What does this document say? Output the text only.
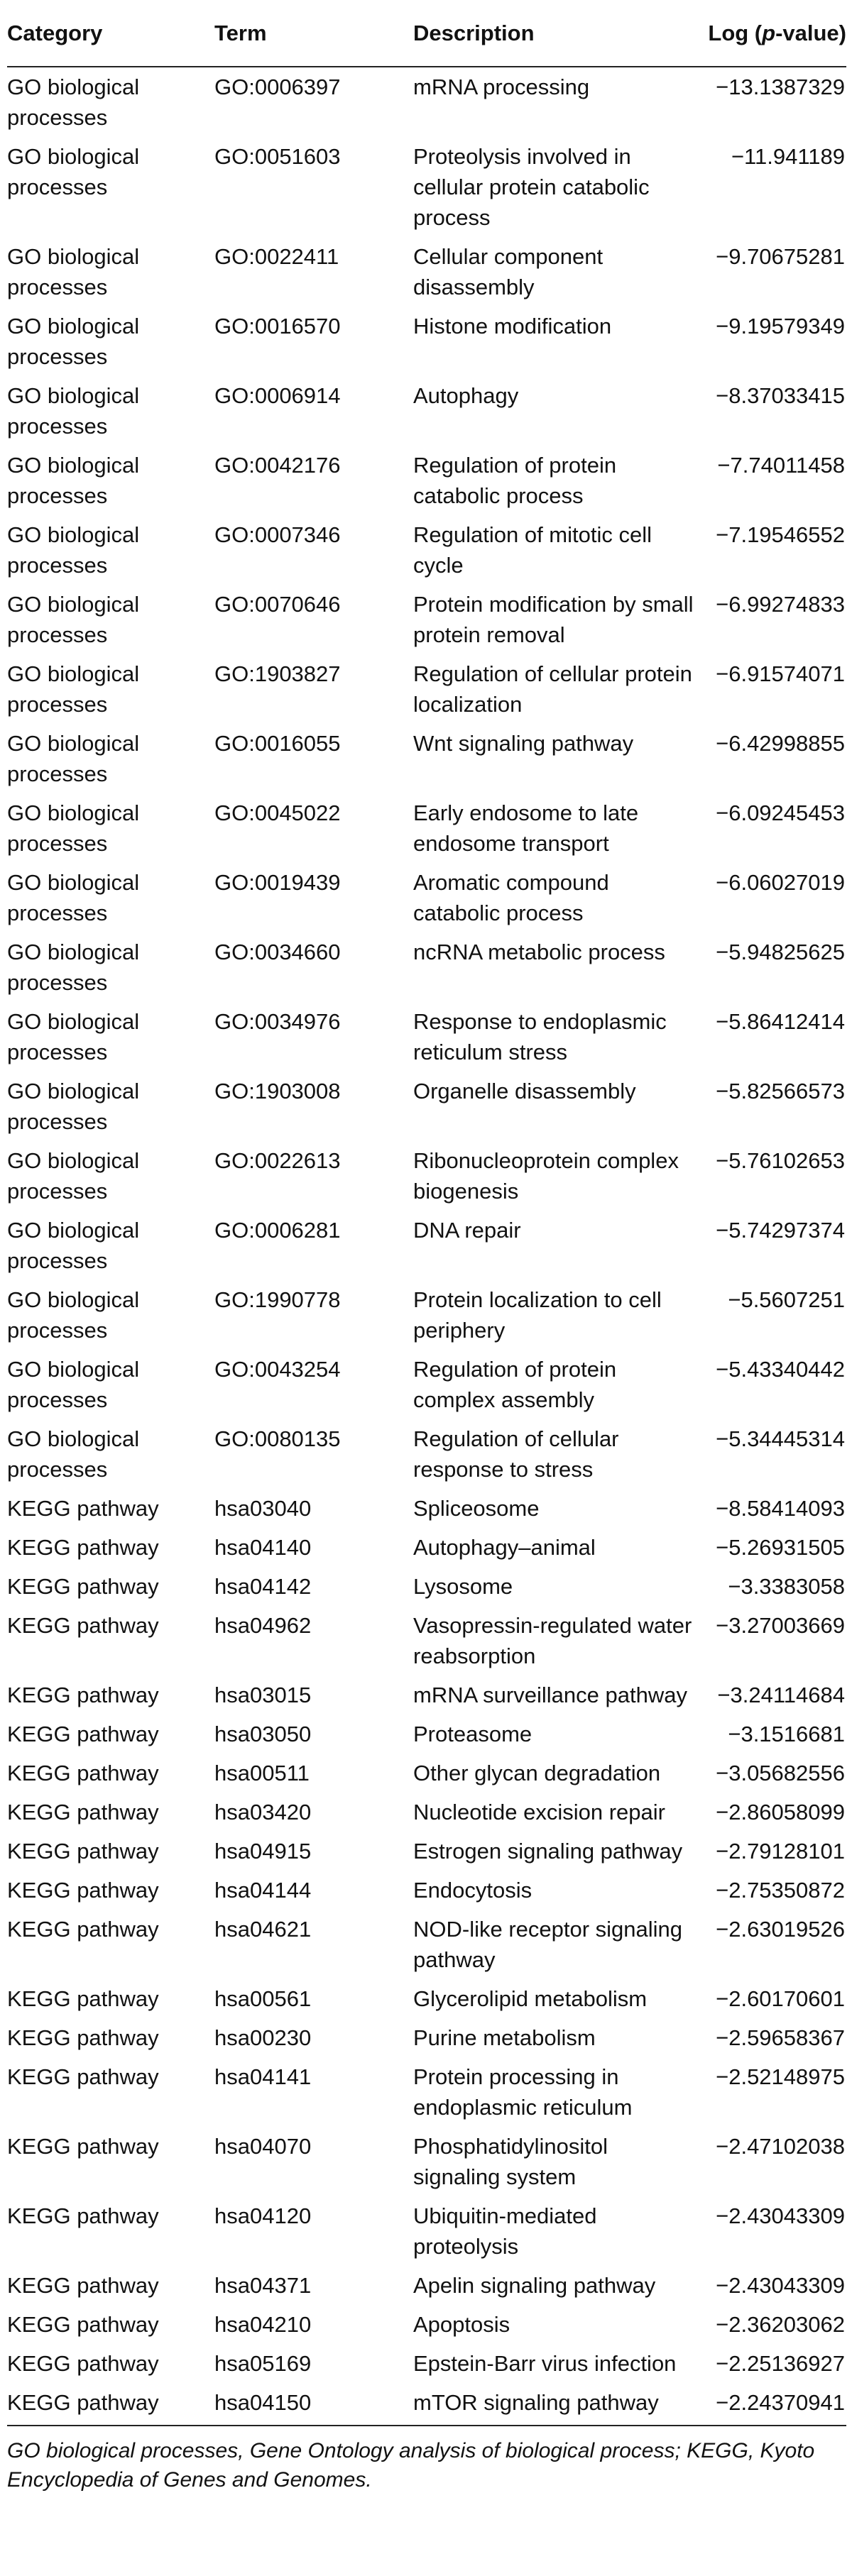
Category	Term	Description	Log (p-value)
GO biological processes	GO:0006397	mRNA processing	−13.1387329
GO biological processes	GO:0051603	Proteolysis involved in cellular protein catabolic process	−11.941189
GO biological processes	GO:0022411	Cellular component disassembly	−9.70675281
GO biological processes	GO:0016570	Histone modification	−9.19579349
GO biological processes	GO:0006914	Autophagy	−8.37033415
GO biological processes	GO:0042176	Regulation of protein catabolic process	−7.74011458
GO biological processes	GO:0007346	Regulation of mitotic cell cycle	−7.19546552
GO biological processes	GO:0070646	Protein modification by small protein removal	−6.99274833
GO biological processes	GO:1903827	Regulation of cellular protein localization	−6.91574071
GO biological processes	GO:0016055	Wnt signaling pathway	−6.42998855
GO biological processes	GO:0045022	Early endosome to late endosome transport	−6.09245453
GO biological processes	GO:0019439	Aromatic compound catabolic process	−6.06027019
GO biological processes	GO:0034660	ncRNA metabolic process	−5.94825625
GO biological processes	GO:0034976	Response to endoplasmic reticulum stress	−5.86412414
GO biological processes	GO:1903008	Organelle disassembly	−5.82566573
GO biological processes	GO:0022613	Ribonucleoprotein complex biogenesis	−5.76102653
GO biological processes	GO:0006281	DNA repair	−5.74297374
GO biological processes	GO:1990778	Protein localization to cell periphery	−5.5607251
GO biological processes	GO:0043254	Regulation of protein complex assembly	−5.43340442
GO biological processes	GO:0080135	Regulation of cellular response to stress	−5.34445314
KEGG pathway	hsa03040	Spliceosome	−8.58414093
KEGG pathway	hsa04140	Autophagy–animal	−5.26931505
KEGG pathway	hsa04142	Lysosome	−3.3383058
KEGG pathway	hsa04962	Vasopressin-regulated water reabsorption	−3.27003669
KEGG pathway	hsa03015	mRNA surveillance pathway	−3.24114684
KEGG pathway	hsa03050	Proteasome	−3.1516681
KEGG pathway	hsa00511	Other glycan degradation	−3.05682556
KEGG pathway	hsa03420	Nucleotide excision repair	−2.86058099
KEGG pathway	hsa04915	Estrogen signaling pathway	−2.79128101
KEGG pathway	hsa04144	Endocytosis	−2.75350872
KEGG pathway	hsa04621	NOD-like receptor signaling pathway	−2.63019526
KEGG pathway	hsa00561	Glycerolipid metabolism	−2.60170601
KEGG pathway	hsa00230	Purine metabolism	−2.59658367
KEGG pathway	hsa04141	Protein processing in endoplasmic reticulum	−2.52148975
KEGG pathway	hsa04070	Phosphatidylinositol signaling system	−2.47102038
KEGG pathway	hsa04120	Ubiquitin-mediated proteolysis	−2.43043309
KEGG pathway	hsa04371	Apelin signaling pathway	−2.43043309
KEGG pathway	hsa04210	Apoptosis	−2.36203062
KEGG pathway	hsa05169	Epstein-Barr virus infection	−2.25136927
KEGG pathway	hsa04150	mTOR signaling pathway	−2.24370941
GO biological processes, Gene Ontology analysis of biological process; KEGG, Kyoto Encyclopedia of Genes and Genomes.
